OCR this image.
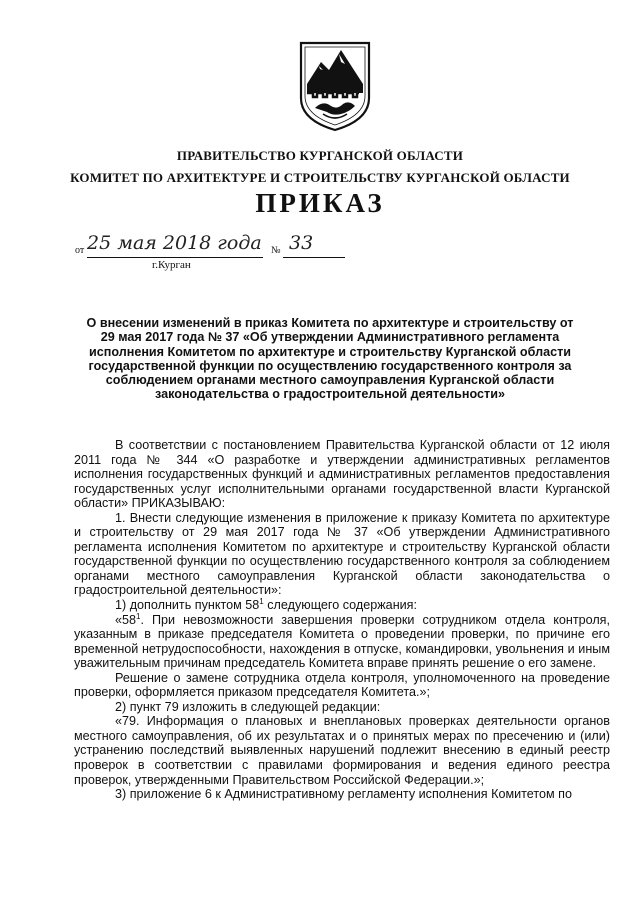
ПРАВИТЕЛЬСТВО КУРГАНСКОЙ ОБЛАСТИ
КОМИТЕТ ПО АРХИТЕКТУРЕ И СТРОИТЕЛЬСТВУ КУРГАНСКОЙ ОБЛАСТИ
ПРИКАЗ
от 25 мая 2018 года № 33
г.Курган
О внесении изменений в приказ Комитета по архитектуре и строительству от 29 мая 2017 года № 37 «Об утверждении Административного регламента исполнения Комитетом по архитектуре и строительству Курганской области государственной функции по осуществлению государственного контроля за соблюдением органами местного самоуправления Курганской области законодательства о градостроительной деятельности»

В соответствии с постановлением Правительства Курганской области от 12 июля 2011 года № 344 «О разработке и утверждении административных регламентов исполнения государственных функций и административных регламентов предоставления государственных услуг исполнительными органами государственной власти Курганской области» ПРИКАЗЫВАЮ:

1. Внести следующие изменения в приложение к приказу Комитета по архитектуре и строительству от 29 мая 2017 года № 37 «Об утверждении Административного регламента исполнения Комитетом по архитектуре и строительству Курганской области государственной функции по осуществлению государственного контроля за соблюдением органами местного самоуправления Курганской области законодательства о градостроительной деятельности»:

1) дополнить пунктом $58^1$ следующего содержания:

«$58^1$. При невозможности завершения проверки сотрудником отдела контроля, указанным в приказе председателя Комитета о проведении проверки, по причине его временной нетрудоспособности, нахождения в отпуске, командировки, увольнения и иным уважительным причинам председатель Комитета вправе принять решение о его замене.

Решение о замене сотрудника отдела контроля, уполномоченного на проведение проверки, оформляется приказом председателя Комитета.»;

2) пункт 79 изложить в следующей редакции:

«79. Информация о плановых и внеплановых проверках деятельности органов местного самоуправления, об их результатах и о принятых мерах по пресечению и (или) устранению последствий выявленных нарушений подлежит внесению в единый реестр проверок в соответствии с правилами формирования и ведения единого реестра проверок, утвержденными Правительством Российской Федерации.»;

3) приложение 6 к Административному регламенту исполнения Комитетом по
